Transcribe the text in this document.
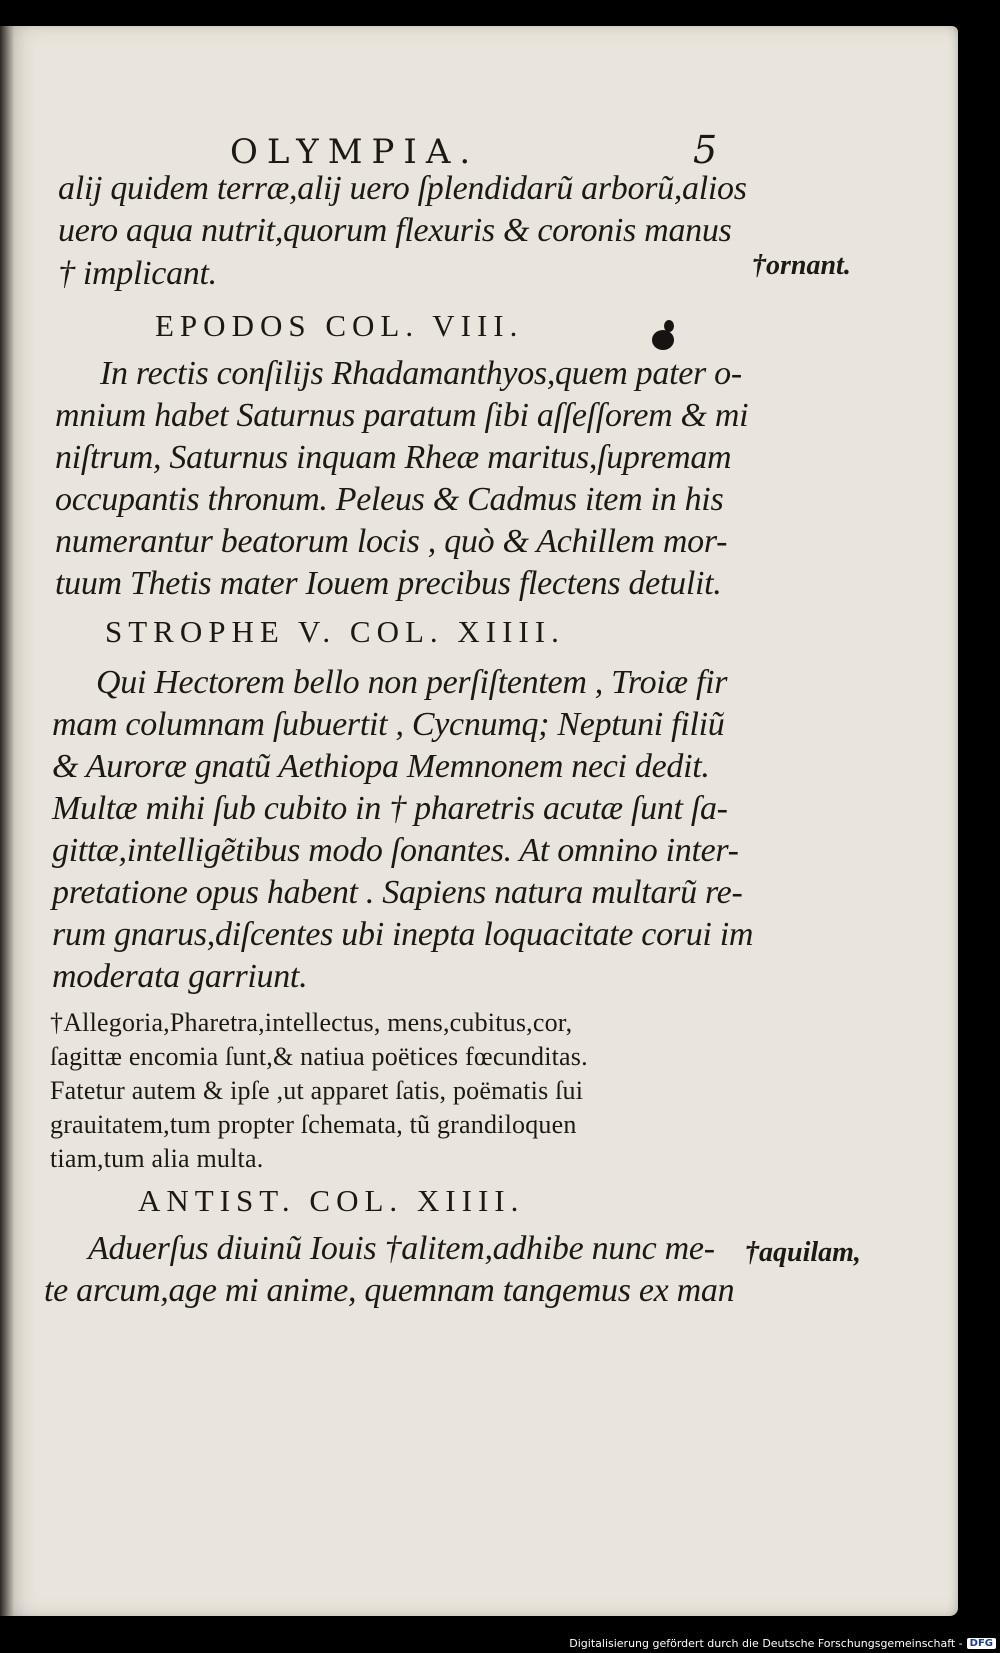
OLYMPIA.	5
alij quidem terræ,alij uero ſplendidarũ arborũ,alios
uero aqua nutrit,quorum flexuris & coronis manus
† implicant.	†ornant.
EPODOS COL. VIII.
In rectis conſilijs Rhadamanthyos,quem pater o-
mnium habet Saturnus paratum ſibi aſſeſſorem & mi
niſtrum, Saturnus inquam Rheæ maritus,ſupremam
occupantis thronum. Peleus & Cadmus item in his
numerantur beatorum locis , quò & Achillem mor-
tuum Thetis mater Iouem precibus flectens detulit.
STROPHE V. COL. XIIII.
Qui Hectorem bello non perſiſtentem , Troiæ fir
mam columnam ſubuertit , Cycnumq; Neptuni filiũ
& Auroræ gnatũ Aethiopa Memnonem neci dedit.
Multæ mihi ſub cubito in † pharetris acutæ ſunt ſa-
gittæ,intelligẽtibus modo ſonantes. At omnino inter-
pretatione opus habent . Sapiens natura multarũ re-
rum gnarus,diſcentes ubi inepta loquacitate corui im
moderata garriunt.
†Allegoria,Pharetra,intellectus, mens,cubitus,cor,
ſagittæ encomia ſunt,& natiua poëtices fœcunditas.
Fatetur autem & ipſe ,ut apparet ſatis, poëmatis ſui
grauitatem,tum propter ſchemata, tũ grandiloquen
tiam,tum alia multa.
ANTIST. COL. XIIII.
Aduerſus diuinũ Iouis †alitem,adhibe nunc me-
te arcum,age mi anime, quemnam tangemus ex man
†aquilam,
Digitalisierung gefördert durch die Deutsche Forschungsgemeinschaft - DFG
